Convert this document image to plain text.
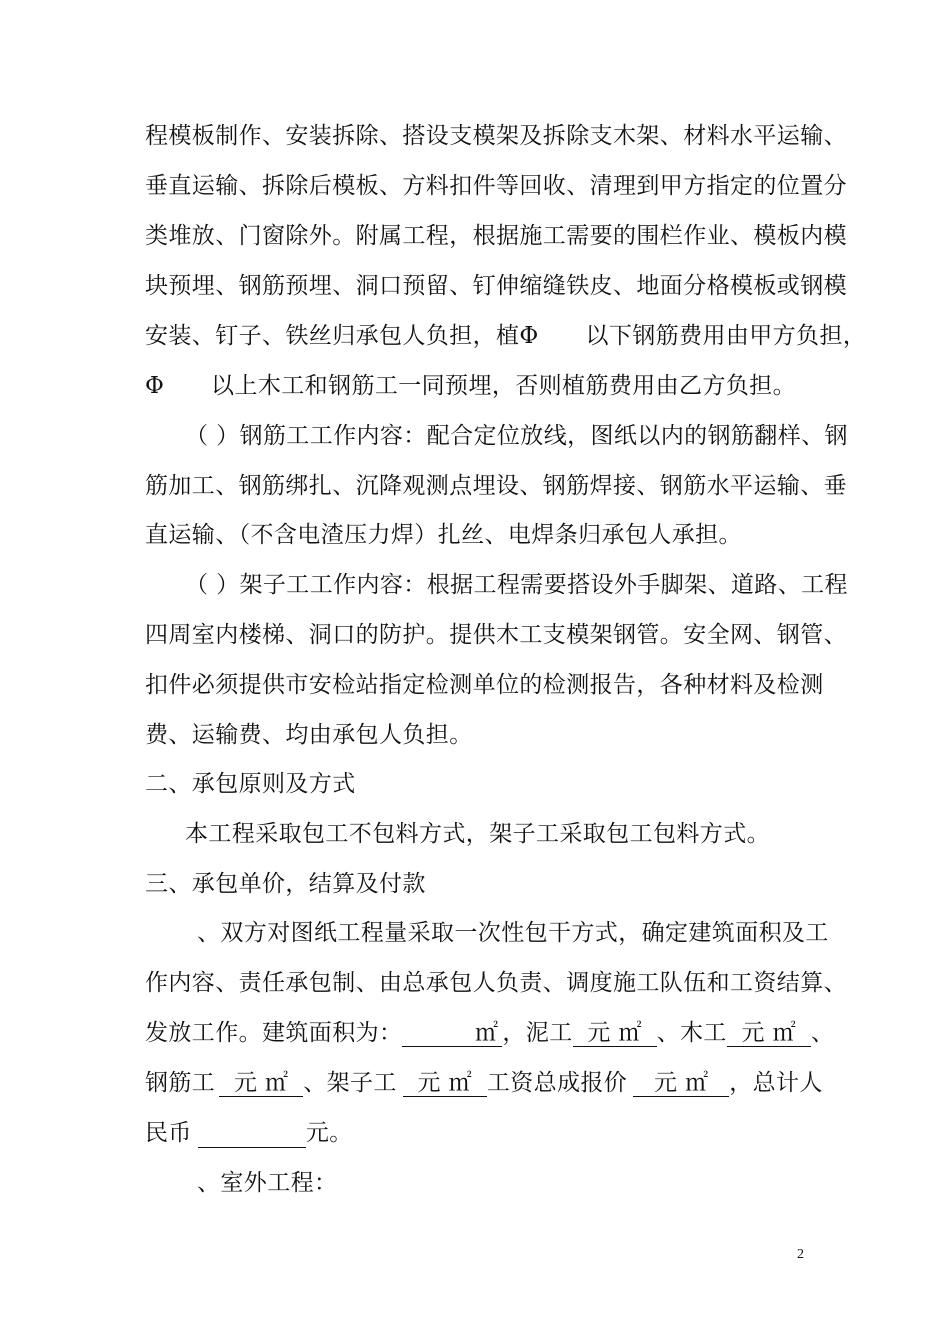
程模板制作、安装拆除、搭设支模架及拆除支木架、材料水平运输、
垂直运输、拆除后模板、方料扣件等回收、清理到甲方指定的位置分
类堆放、门窗除外。附属工程，根据施工需要的围栏作业、模板内模
块预埋、钢筋预埋、洞口预留、钉伸缩缝铁皮、地面分格模板或钢模
安装、钉子、铁丝归承包人负担，植Φ　　以下钢筋费用由甲方负担，
Φ　　以上木工和钢筋工一同预埋，否则植筋费用由乙方负担。
（ ）钢筋工工作内容：配合定位放线，图纸以内的钢筋翻样、钢
筋加工、钢筋绑扎、沉降观测点埋设、钢筋焊接、钢筋水平运输、垂
直运输、（不含电渣压力焊）扎丝、电焊条归承包人承担。
（ ）架子工工作内容：根据工程需要搭设外手脚架、道路、工程
四周室内楼梯、洞口的防护。提供木工支模架钢管。安全网、钢管、
扣件必须提供市安检站指定检测单位的检测报告，各种材料及检测
费、运输费、均由承包人负担。
二、承包原则及方式
本工程采取包工不包料方式，架子工采取包工包料方式。
三、承包单价，结算及付款
、双方对图纸工程量采取一次性包干方式，确定建筑面积及工
作内容、责任承包制、由总承包人负责、调度施工队伍和工资结算、
发放工作。建筑面积为：	㎡ ，泥工 元 ㎡ 、木工 元 ㎡ 、
钢筋工 元 ㎡ 、架子工 元 ㎡ 工资总成报价 元 ㎡ ，总计人
民币	元。
、室外工程：
2
